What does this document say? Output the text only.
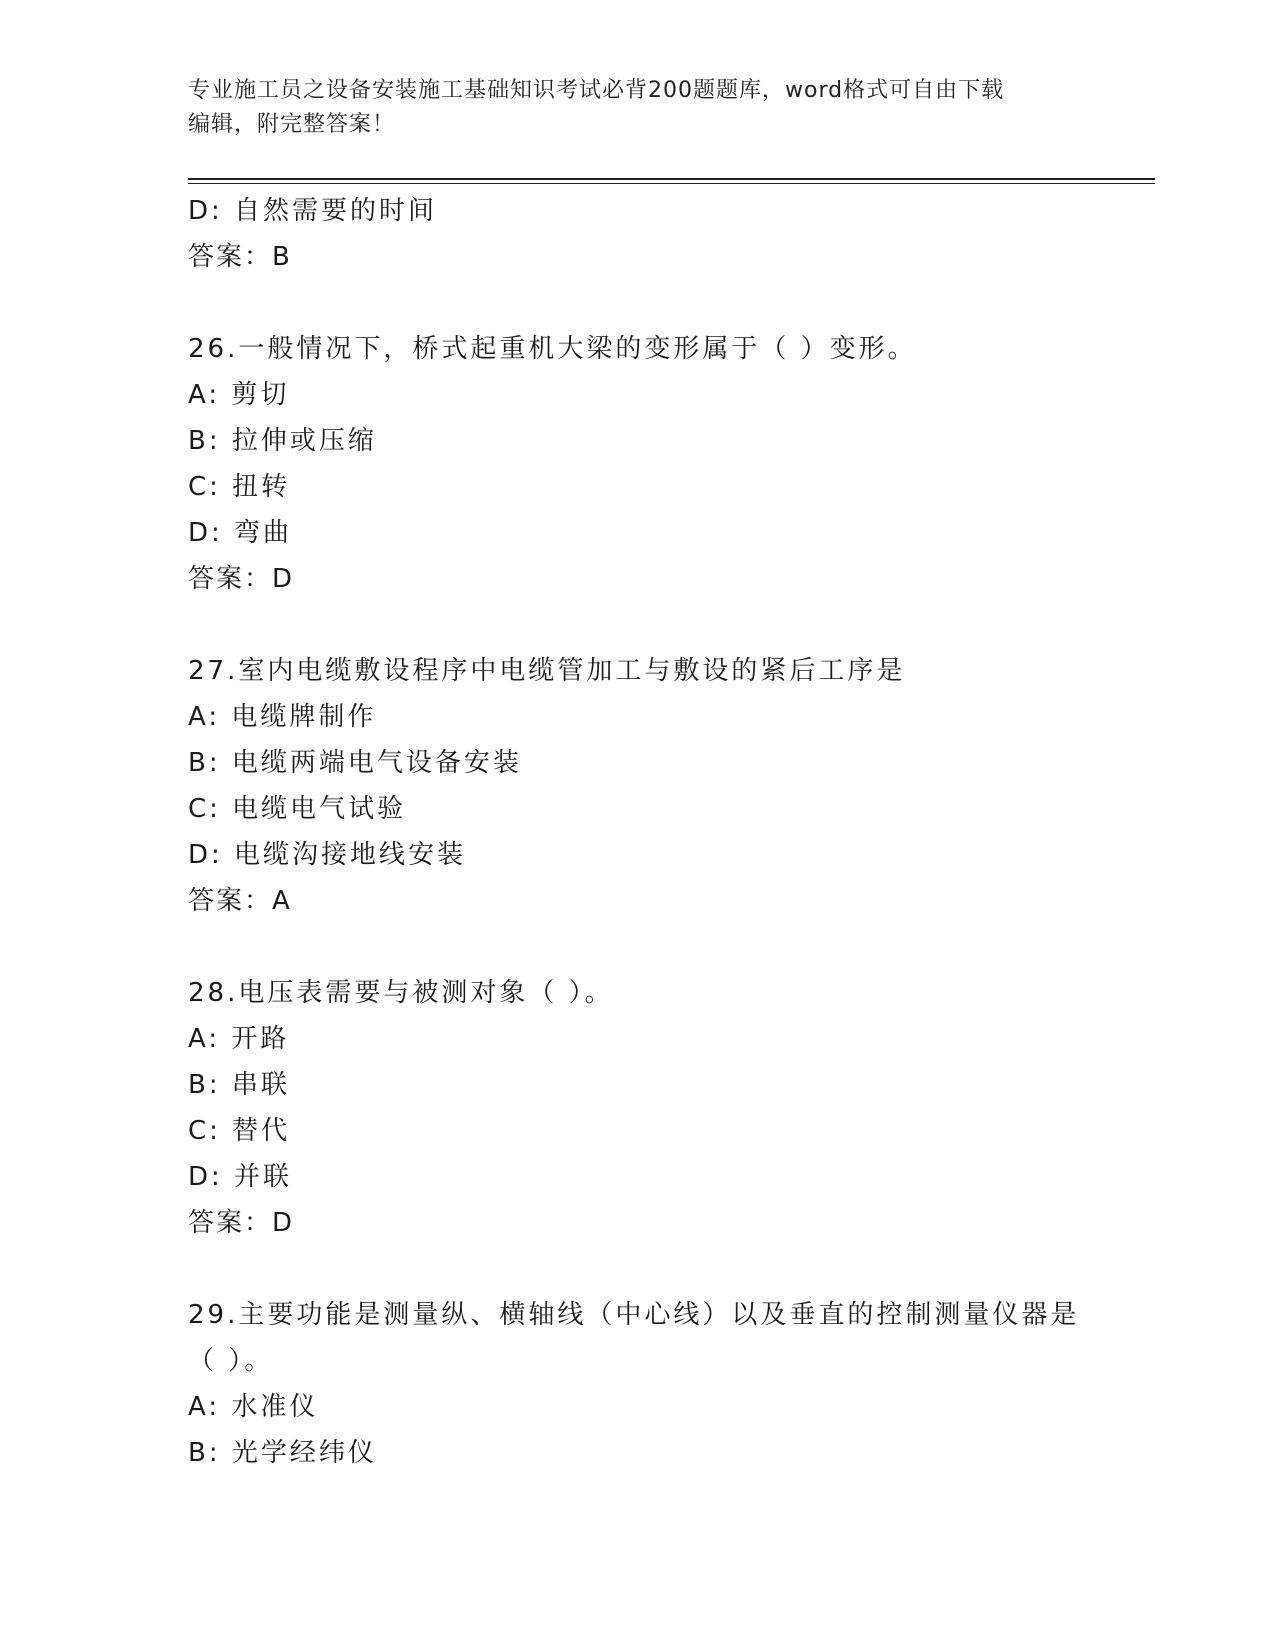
专业施工员之设备安装施工基础知识考试必背200题题库，word格式可自由下载
编辑，附完整答案！
D: 自然需要的时间
答案：B
26.一般情况下，桥式起重机大梁的变形属于（ ）变形。
A: 剪切
B: 拉伸或压缩
C: 扭转
D: 弯曲
答案：D
27.室内电缆敷设程序中电缆管加工与敷设的紧后工序是
A: 电缆牌制作
B: 电缆两端电气设备安装
C: 电缆电气试验
D: 电缆沟接地线安装
答案：A
28.电压表需要与被测对象（ ）。
A: 开路
B: 串联
C: 替代
D: 并联
答案：D
29.主要功能是测量纵、横轴线（中心线）以及垂直的控制测量仪器是
（ ）。
A: 水准仪
B: 光学经纬仪
